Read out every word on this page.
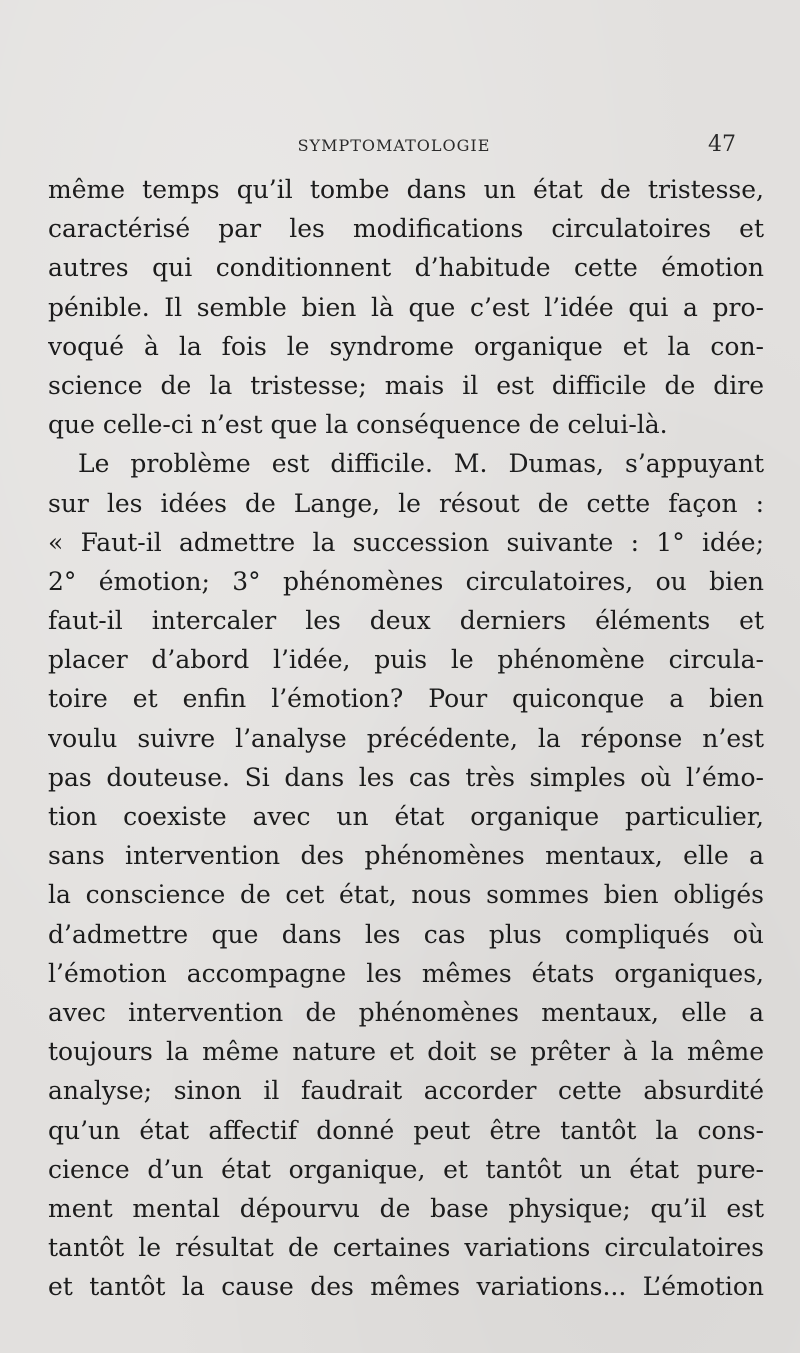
SYMPTOMATOLOGIE	47
même temps qu’il tombe dans un état de tristesse,
caractérisé par les modifications circulatoires et
autres qui conditionnent d’habitude cette émotion
pénible. Il semble bien là que c’est l’idée qui a pro-
voqué à la fois le syndrome organique et la con-
science de la tristesse; mais il est difficile de dire
que celle-ci n’est que la conséquence de celui-là.
Le problème est difficile. M. Dumas, s’appuyant
sur les idées de Lange, le résout de cette façon :
« Faut-il admettre la succession suivante : 1° idée;
2° émotion; 3° phénomènes circulatoires, ou bien
faut-il intercaler les deux derniers éléments et
placer d’abord l’idée, puis le phénomène circula-
toire et enfin l’émotion? Pour quiconque a bien
voulu suivre l’analyse précédente, la réponse n’est
pas douteuse. Si dans les cas très simples où l’émo-
tion coexiste avec un état organique particulier,
sans intervention des phénomènes mentaux, elle a
la conscience de cet état, nous sommes bien obligés
d’admettre que dans les cas plus compliqués où
l’émotion accompagne les mêmes états organiques,
avec intervention de phénomènes mentaux, elle a
toujours la même nature et doit se prêter à la même
analyse; sinon il faudrait accorder cette absurdité
qu’un état affectif donné peut être tantôt la cons-
cience d’un état organique, et tantôt un état pure-
ment mental dépourvu de base physique; qu’il est
tantôt le résultat de certaines variations circulatoires
et tantôt la cause des mêmes variations... L’émotion
